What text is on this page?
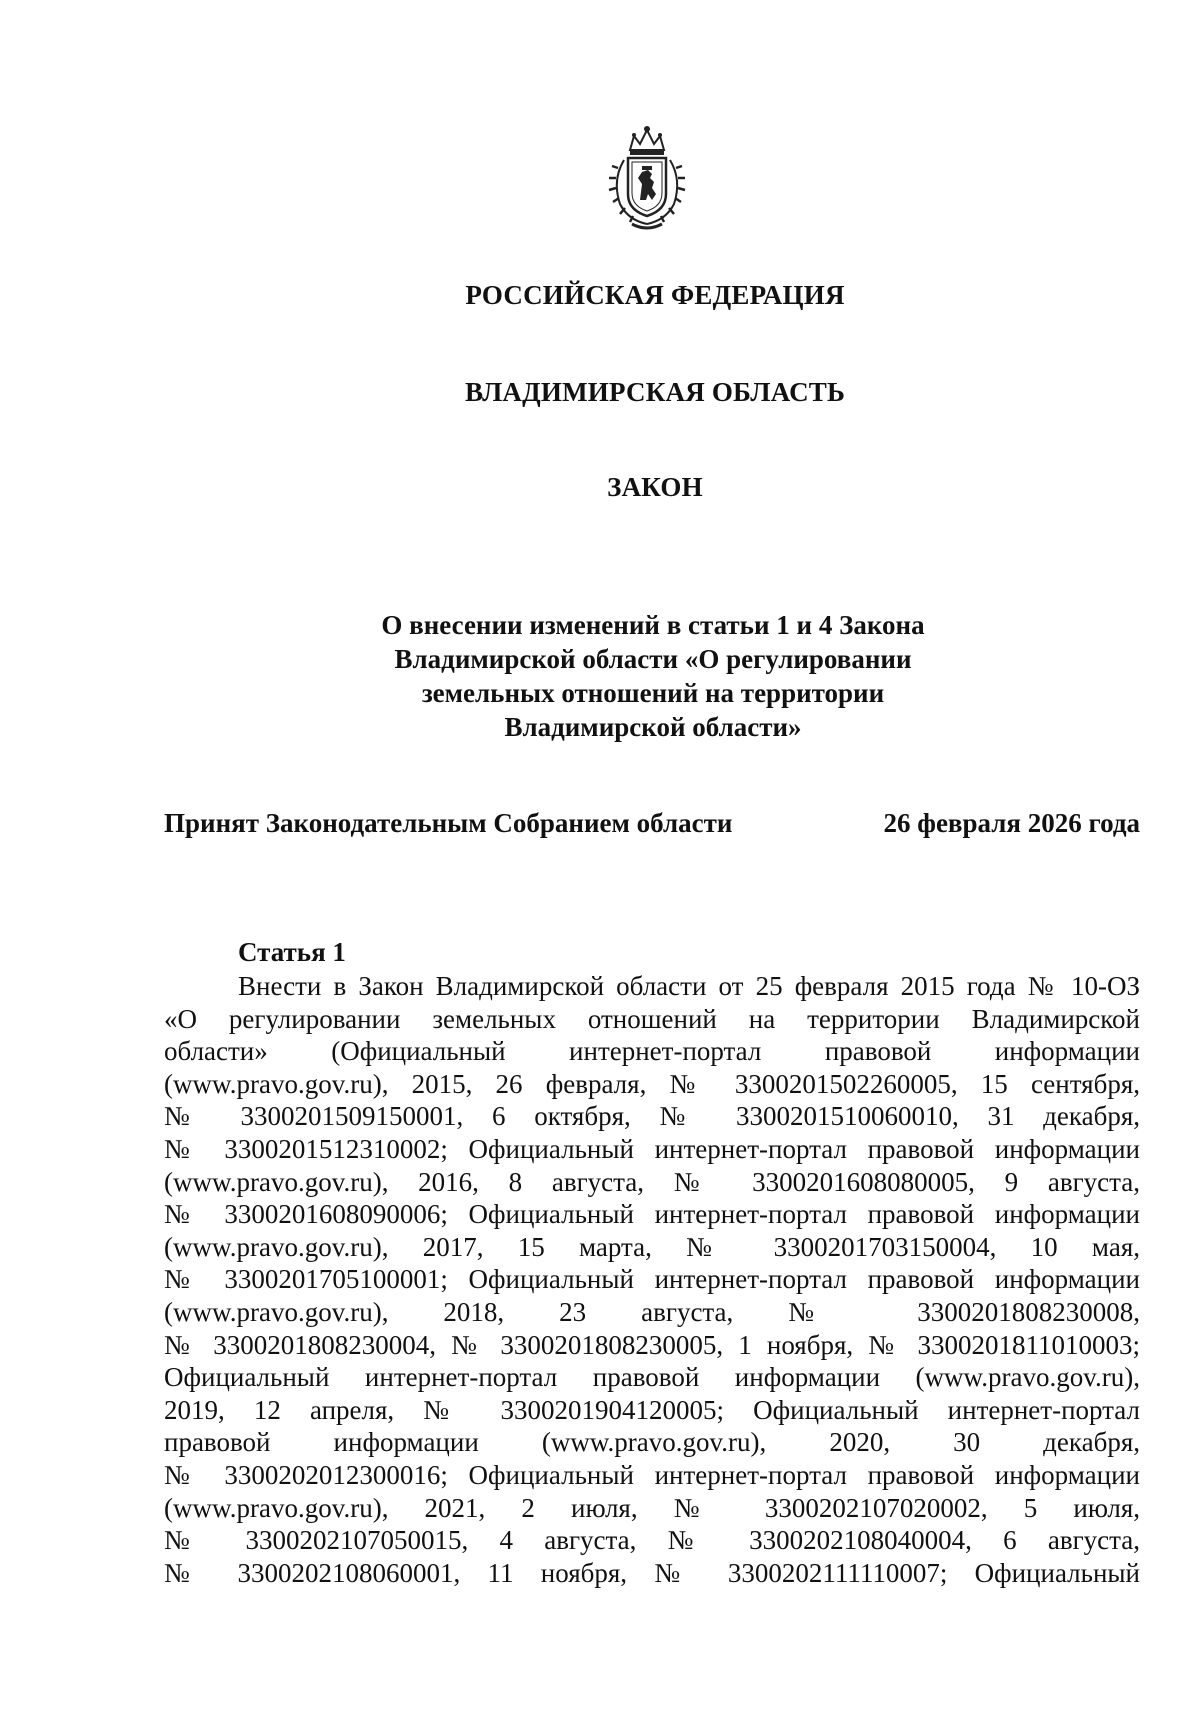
РОССИЙСКАЯ ФЕДЕРАЦИЯ
ВЛАДИМИРСКАЯ ОБЛАСТЬ
ЗАКОН
О внесении изменений в статьи 1 и 4 Закона
Владимирской области «О регулировании
земельных отношений на территории
Владимирской области»
Принят Законодательным Собранием области	26 февраля 2026 года
Статья 1
Внести в Закон Владимирской области от 25 февраля 2015 года № 10-ОЗ
«О регулировании земельных отношений на территории Владимирской
области» (Официальный интернет-портал правовой информации
(www.pravo.gov.ru), 2015, 26 февраля, № 3300201502260005, 15 сентября,
№ 3300201509150001, 6 октября, № 3300201510060010, 31 декабря,
№ 3300201512310002; Официальный интернет-портал правовой информации
(www.pravo.gov.ru), 2016, 8 августа, № 3300201608080005, 9 августа,
№ 3300201608090006; Официальный интернет-портал правовой информации
(www.pravo.gov.ru), 2017, 15 марта, № 3300201703150004, 10 мая,
№ 3300201705100001; Официальный интернет-портал правовой информации
(www.pravo.gov.ru), 2018, 23 августа, № 3300201808230008,
№ 3300201808230004, № 3300201808230005, 1 ноября, № 3300201811010003;
Официальный интернет-портал правовой информации (www.pravo.gov.ru),
2019, 12 апреля, № 3300201904120005; Официальный интернет-портал
правовой информации (www.pravo.gov.ru), 2020, 30 декабря,
№ 3300202012300016; Официальный интернет-портал правовой информации
(www.pravo.gov.ru), 2021, 2 июля, № 3300202107020002, 5 июля,
№ 3300202107050015, 4 августа, № 3300202108040004, 6 августа,
№ 3300202108060001, 11 ноября, № 3300202111110007; Официальный
